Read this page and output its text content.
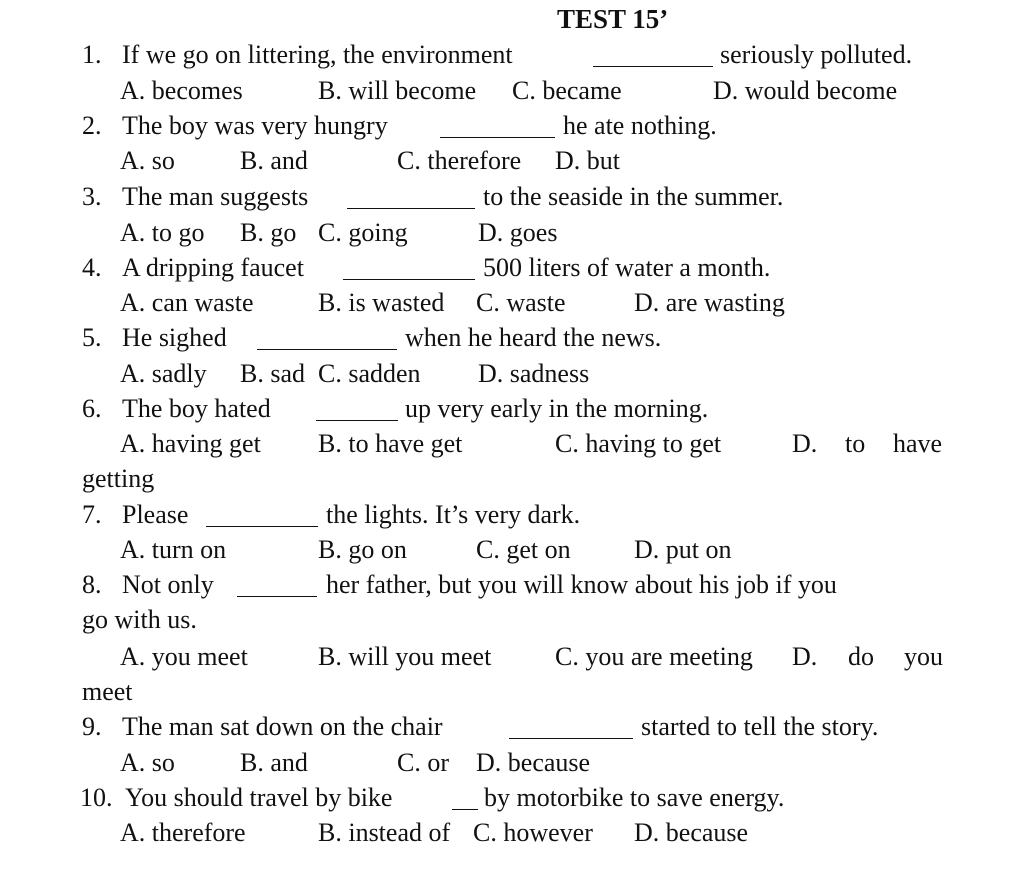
TEST 15’
1. If we go on littering, the environment	seriously polluted.
A. becomes	B. will become C. became	D. would become
2. The boy was very hungry	he ate nothing.
A. so	B. and	C. therefore D. but
3. The man suggests	to the seaside in the summer.
A. to go B. go C. going	D. goes
4. A dripping faucet	500 liters of water a month.
A. can waste B. is wasted C. waste	D. are wasting
5. He sighed	when he heard the news.
A. sadly B. sad C. sadden D. sadness
6. The boy hated	up very early in the morning.
A. having get B. to have get	C. having to get	D. to have
getting
7. Please	the lights. It’s very dark.
A. turn on	B. go on	C. get on D. put on
8. Not only	her father, but you will know about his job if you
go with us.
A. you meet	B. will you meet C. you are meeting D. do you
meet
9. The man sat down on the chair	started to tell the story.
A. so	B. and	C. or D. because
10. You should travel by bike	by motorbike to save energy.
A. therefore	B. instead of C. however D. because
